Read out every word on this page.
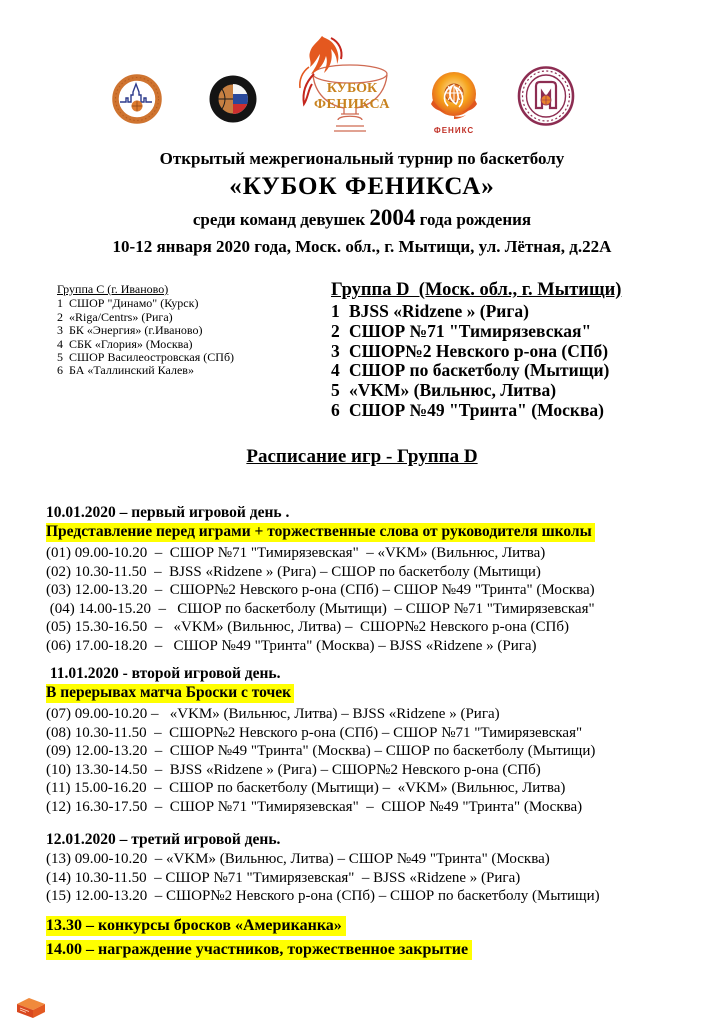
КУБОК
ФЕНИКСА
ФЕНИКС
Открытый межрегиональный турнир по баскетболу
«КУБОК ФЕНИКСА»
среди команд девушек 2004 года рождения
10-12 января 2020 года, Моск. обл., г. Мытищи, ул. Лётная, д.22А
Группа C (г. Иваново)
1 СШОР "Динамо" (Курск)
2 «Riga/Centrs» (Рига)
3 БК «Энергия» (г.Иваново)
4 СБК «Глория» (Москва)
5 СШОР Василеостровская (СПб)
6 БА «Таллинский Калев»
Группа D  (Моск. обл., г. Мытищи)
1 BJSS «Ridzene » (Рига)
2 СШОР №71 "Тимирязевская"
3 СШОР№2 Невского р-она (СПб)
4 СШОР по баскетболу (Мытищи)
5 «VKM» (Вильнюс, Литва)
6 СШОР №49 "Тринта" (Москва)
Расписание игр - Группа D
10.01.2020 – первый игровой день .
Представление перед играми + торжественные слова от руководителя школы
(01) 09.00-10.20  –  СШОР №71 "Тимирязевская"  – «VKM» (Вильнюс, Литва)
(02) 10.30-11.50  –  BJSS «Ridzene » (Рига) – СШОР по баскетболу (Мытищи)
(03) 12.00-13.20  –  СШОР№2 Невского р-она (СПб) – СШОР №49 "Тринта" (Москва)
(04) 14.00-15.20  –   СШОР по баскетболу (Мытищи)  – СШОР №71 "Тимирязевская"
(05) 15.30-16.50  –   «VKM» (Вильнюс, Литва) –  СШОР№2 Невского р-она (СПб)
(06) 17.00-18.20  –   СШОР №49 "Тринта" (Москва) – BJSS «Ridzene » (Рига)
11.01.2020 - второй игровой день.
В перерывах матча Броски с точек
(07) 09.00-10.20 –   «VKM» (Вильнюс, Литва) – BJSS «Ridzene » (Рига)
(08) 10.30-11.50  –  СШОР№2 Невского р-она (СПб) – СШОР №71 "Тимирязевская"
(09) 12.00-13.20  –  СШОР №49 "Тринта" (Москва) – СШОР по баскетболу (Мытищи)
(10) 13.30-14.50  –  BJSS «Ridzene » (Рига) – СШОР№2 Невского р-она (СПб)
(11) 15.00-16.20  –  СШОР по баскетболу (Мытищи) –  «VKM» (Вильнюс, Литва)
(12) 16.30-17.50  –  СШОР №71 "Тимирязевская"  –  СШОР №49 "Тринта" (Москва)
12.01.2020 – третий игровой день.
(13) 09.00-10.20  – «VKM» (Вильнюс, Литва) – СШОР №49 "Тринта" (Москва)
(14) 10.30-11.50  – СШОР №71 "Тимирязевская"  – BJSS «Ridzene » (Рига)
(15) 12.00-13.20  – СШОР№2 Невского р-она (СПб) – СШОР по баскетболу (Мытищи)
13.30 – конкурсы бросков «Американка»
14.00 – награждение участников, торжественное закрытие
